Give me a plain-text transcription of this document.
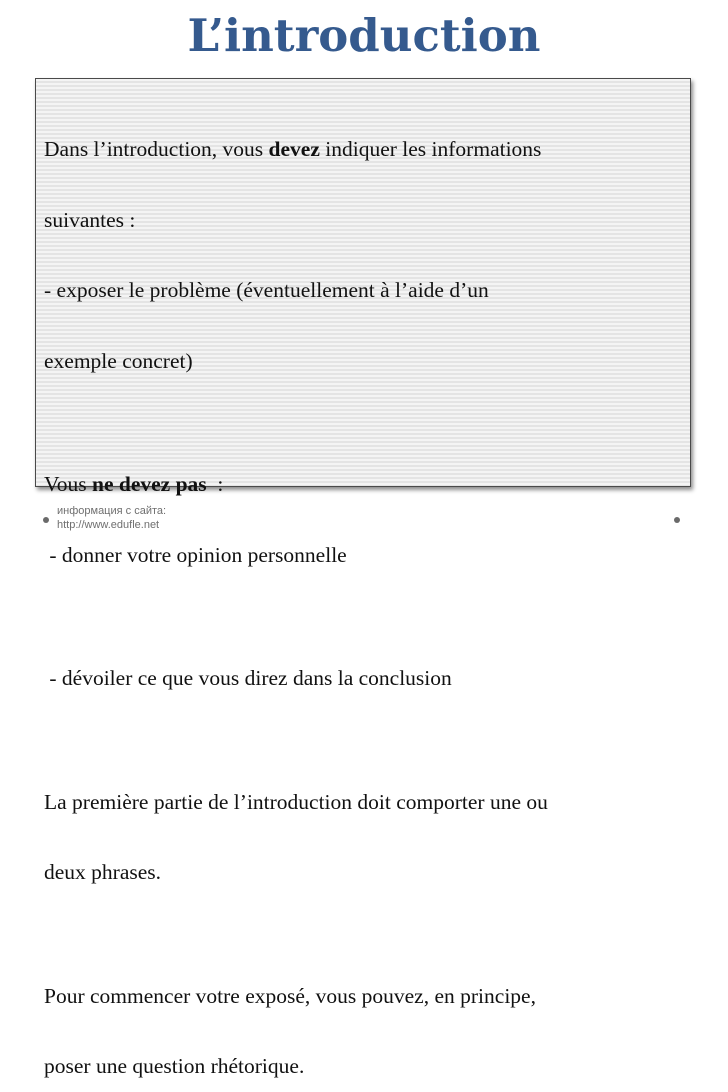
L’introduction

Dans l’introduction, vous devez indiquer les informations

suivantes :

- exposer le problème (éventuellement à l’aide d’un

exemple concret)

Vous ne devez pas  :

- donner votre opinion personnelle

- dévoiler ce que vous direz dans la conclusion

La première partie de l’introduction doit comporter une ou

deux phrases.

Pour commencer votre exposé, vous pouvez, en principe,

poser une question rhétorique.

информация с сайта:
http://www.edufle.net
